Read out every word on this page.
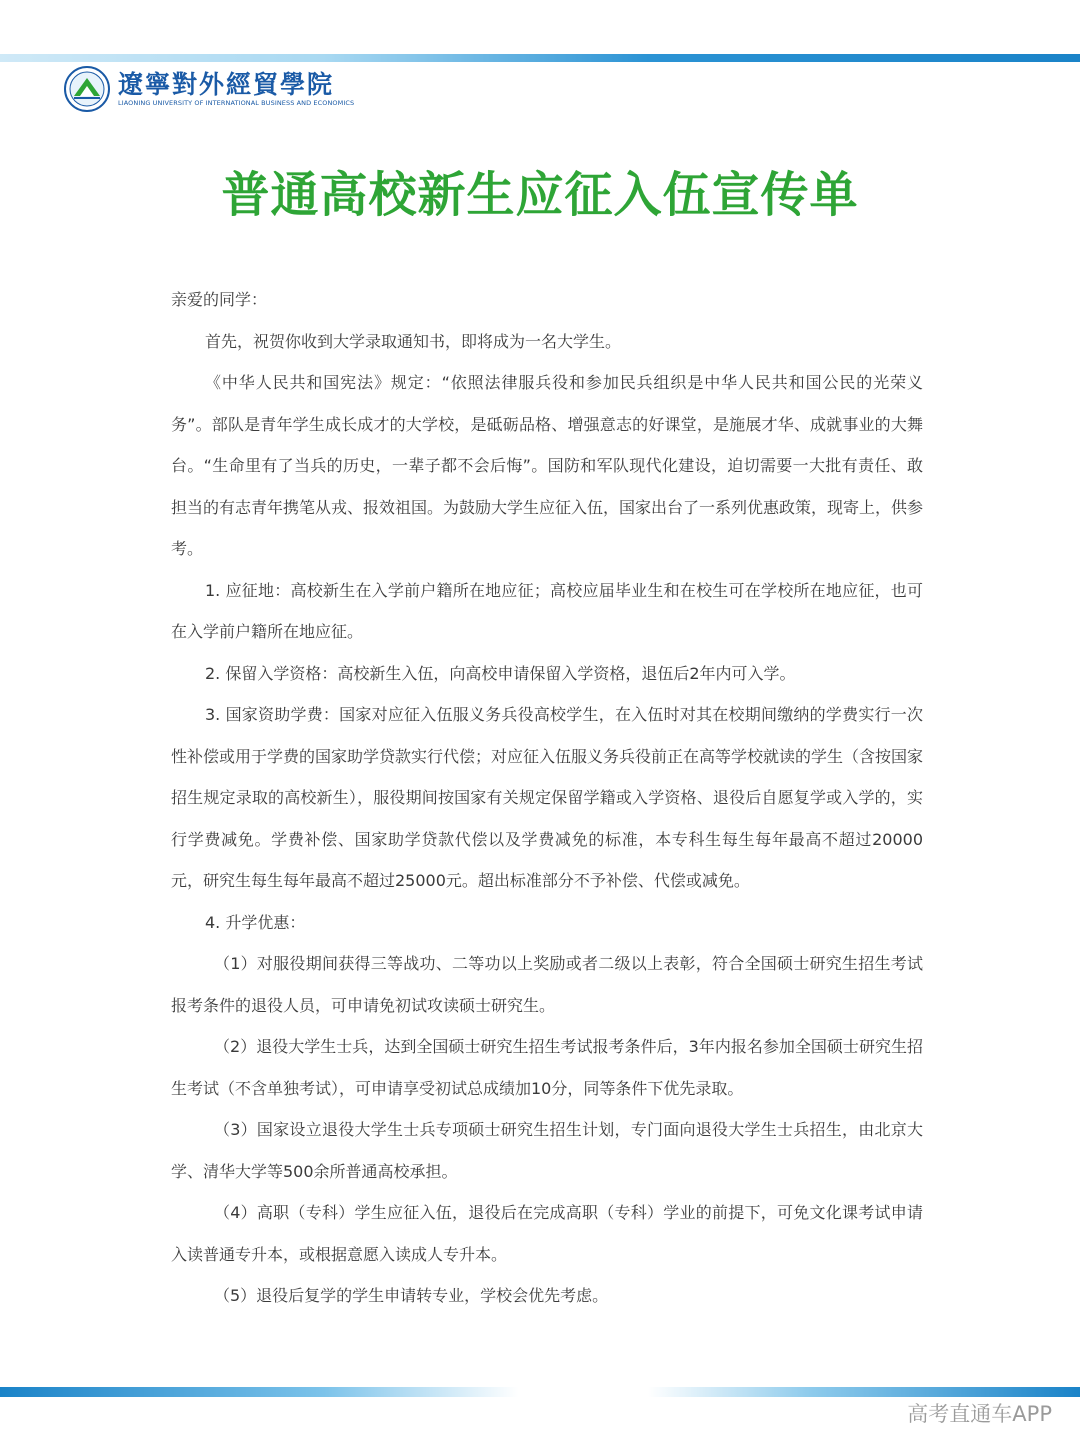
遼寧對外經貿學院
LIAONING UNIVERSITY OF INTERNATIONAL BUSINESS AND ECONOMICS
普通高校新生应征入伍宣传单

亲爱的同学：

首先，祝贺你收到大学录取通知书，即将成为一名大学生。

《中华人民共和国宪法》规定：“依照法律服兵役和参加民兵组织是中华人民共和国公民的光荣义务”。部队是青年学生成长成才的大学校，是砥砺品格、增强意志的好课堂，是施展才华、成就事业的大舞台。“生命里有了当兵的历史，一辈子都不会后悔”。国防和军队现代化建设，迫切需要一大批有责任、敢担当的有志青年携笔从戎、报效祖国。为鼓励大学生应征入伍，国家出台了一系列优惠政策，现寄上，供参考。

1. 应征地：高校新生在入学前户籍所在地应征；高校应届毕业生和在校生可在学校所在地应征，也可在入学前户籍所在地应征。

2. 保留入学资格：高校新生入伍，向高校申请保留入学资格，退伍后2年内可入学。

3. 国家资助学费：国家对应征入伍服义务兵役高校学生，在入伍时对其在校期间缴纳的学费实行一次性补偿或用于学费的国家助学贷款实行代偿；对应征入伍服义务兵役前正在高等学校就读的学生（含按国家招生规定录取的高校新生），服役期间按国家有关规定保留学籍或入学资格、退役后自愿复学或入学的，实行学费减免。学费补偿、国家助学贷款代偿以及学费减免的标准，本专科生每生每年最高不超过20000元，研究生每生每年最高不超过25000元。超出标准部分不予补偿、代偿或减免。

4. 升学优惠：

（1）对服役期间获得三等战功、二等功以上奖励或者二级以上表彰，符合全国硕士研究生招生考试报考条件的退役人员，可申请免初试攻读硕士研究生。

（2）退役大学生士兵，达到全国硕士研究生招生考试报考条件后，3年内报名参加全国硕士研究生招生考试（不含单独考试），可申请享受初试总成绩加10分，同等条件下优先录取。

（3）国家设立退役大学生士兵专项硕士研究生招生计划，专门面向退役大学生士兵招生，由北京大学、清华大学等500余所普通高校承担。

（4）高职（专科）学生应征入伍，退役后在完成高职（专科）学业的前提下，可免文化课考试申请入读普通专升本，或根据意愿入读成人专升本。

（5）退役后复学的学生申请转专业，学校会优先考虑。

高考直通车APP
